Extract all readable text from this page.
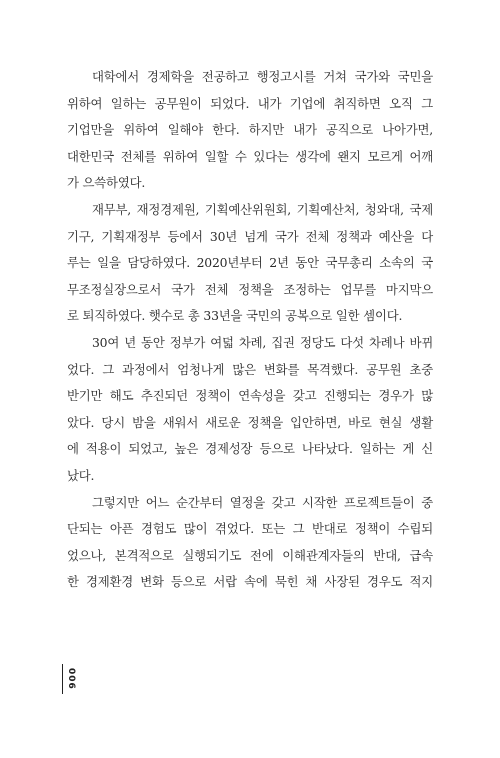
대학에서 경제학을 전공하고 행정고시를 거쳐 국가와 국민을
위하여 일하는 공무원이 되었다. 내가 기업에 취직하면 오직 그
기업만을 위하여 일해야 한다. 하지만 내가 공직으로 나아가면,
대한민국 전체를 위하여 일할 수 있다는 생각에 왠지 모르게 어깨
가 으쓱하였다.
재무부, 재정경제원, 기획예산위원회, 기획예산처, 청와대, 국제
기구, 기획재정부 등에서 30년 넘게 국가 전체 정책과 예산을 다
루는 일을 담당하였다. 2020년부터 2년 동안 국무총리 소속의 국
무조정실장으로서 국가 전체 정책을 조정하는 업무를 마지막으
로 퇴직하였다. 햇수로 총 33년을 국민의 공복으로 일한 셈이다.
30여 년 동안 정부가 여덟 차례, 집권 정당도 다섯 차례나 바뀌
었다. 그 과정에서 엄청나게 많은 변화를 목격했다. 공무원 초중
반기만 해도 추진되던 정책이 연속성을 갖고 진행되는 경우가 많
았다. 당시 밤을 새워서 새로운 정책을 입안하면, 바로 현실 생활
에 적용이 되었고, 높은 경제성장 등으로 나타났다. 일하는 게 신
났다.
그렇지만 어느 순간부터 열정을 갖고 시작한 프로젝트들이 중
단되는 아픈 경험도 많이 겪었다. 또는 그 반대로 정책이 수립되
었으나, 본격적으로 실행되기도 전에 이해관계자들의 반대, 급속
한 경제환경 변화 등으로 서랍 속에 묵힌 채 사장된 경우도 적지
006
